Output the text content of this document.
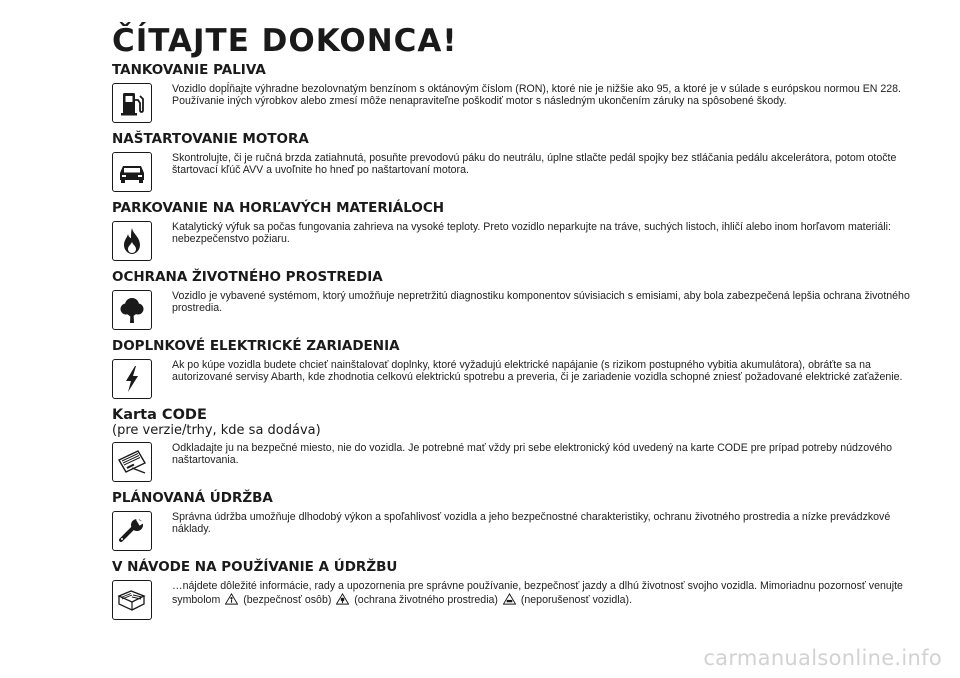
ČÍTAJTE DOKONCA!
TANKOVANIE PALIVA
Vozidlo dopĺňajte výhradne bezolovnatým benzínom s oktánovým číslom (RON), ktoré nie je nižšie ako 95, a ktoré je v súlade s európskou normou EN 228. Používanie iných výrobkov alebo zmesí môže nenapraviteľne poškodiť motor s následným ukončením záruky na spôsobené škody.
NAŠTARTOVANIE MOTORA
Skontrolujte, či je ručná brzda zatiahnutá, posuňte prevodovú páku do neutrálu, úplne stlačte pedál spojky bez stláčania pedálu akcelerátora, potom otočte štartovací kľúč AVV a uvoľnite ho hneď po naštartovaní motora.
PARKOVANIE NA HORĽAVÝCH MATERIÁLOCH
Katalytický výfuk sa počas fungovania zahrieva na vysoké teploty. Preto vozidlo neparkujte na tráve, suchých listoch, ihličí alebo inom horľavom materiáli: nebezpečenstvo požiaru.
OCHRANA ŽIVOTNÉHO PROSTREDIA
Vozidlo je vybavené systémom, ktorý umožňuje nepretržitú diagnostiku komponentov súvisiacich s emisiami, aby bola zabezpečená lepšia ochrana životného prostredia.
DOPLNKOVÉ ELEKTRICKÉ ZARIADENIA
Ak po kúpe vozidla budete chcieť nainštalovať doplnky, ktoré vyžadujú elektrické napájanie (s rizikom postupného vybitia akumulátora), obráťte sa na autorizované servisy Abarth, kde zhodnotia celkovú elektrickú spotrebu a preveria, či je zariadenie vozidla schopné zniesť požadované elektrické zaťaženie.
Karta CODE
(pre verzie/trhy, kde sa dodáva)
Odkladajte ju na bezpečné miesto, nie do vozidla. Je potrebné mať vždy pri sebe elektronický kód uvedený na karte CODE pre prípad potreby núdzového naštartovania.
PLÁNOVANÁ ÚDRŽBA
Správna údržba umožňuje dlhodobý výkon a spoľahlivosť vozidla a jeho bezpečnostné charakteristiky, ochranu životného prostredia a nízke prevádzkové náklady.
V NÁVODE NA POUŽÍVANIE A ÚDRŽBU
…nájdete dôležité informácie, rady a upozornenia pre správne používanie, bezpečnosť jazdy a dlhú životnosť svojho vozidla. Mimoriadnu pozornosť venujte symbolom (bezpečnosť osôb) (ochrana životného prostredia) (neporušenosť vozidla).
carmanualsonline.info
